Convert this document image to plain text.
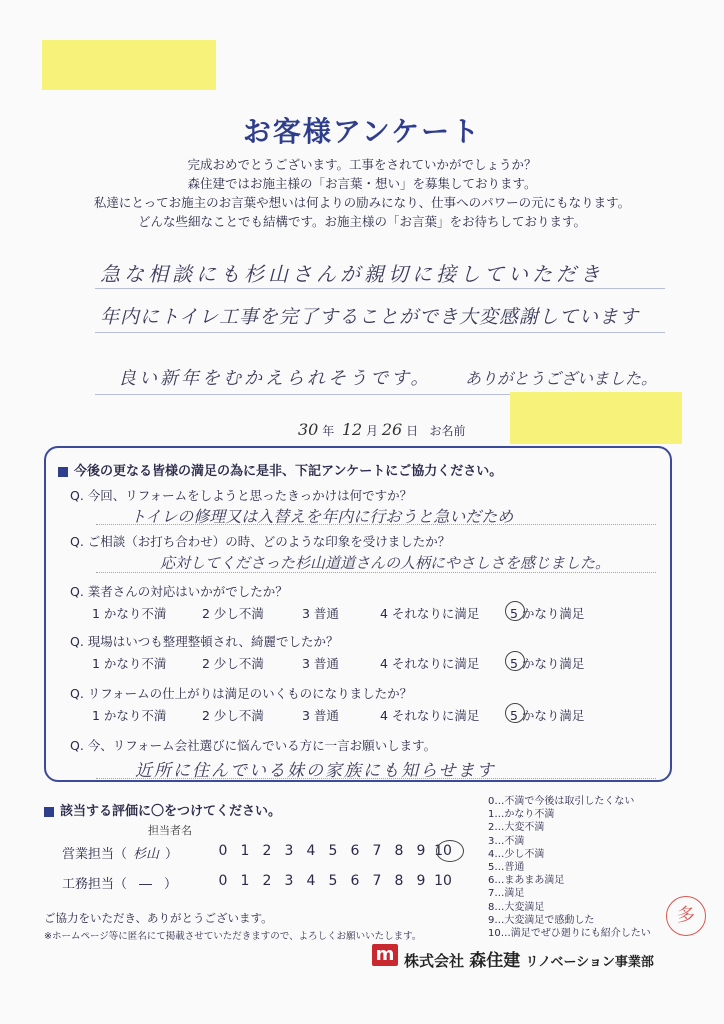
お客様アンケート
完成おめでとうございます。工事をされていかがでしょうか？
森住建ではお施主様の「お言葉・想い」を募集しております。
私達にとってお施主のお言葉や想いは何よりの励みになり、仕事へのパワーの元にもなります。
どんな些細なことでも結構です。お施主様の「お言葉」をお待ちしております。
急な相談にも杉山さんが親切に接していただき
年内にトイレ工事を完了することができ大変感謝しています
良い新年をむかえられそうです。 ありがとうございました。
30 年 12 月 26 日 お名前
今後の更なる皆様の満足の為に是非、下記アンケートにご協力ください。
Q. 今回、リフォームをしようと思ったきっかけは何ですか？
トイレの修理又は入替えを年内に行おうと急いだため
Q. ご相談（お打ち合わせ）の時、どのような印象を受けましたか？
応対してくださった杉山道道さんの人柄にやさしさを感じました。
Q. 業者さんの対応はいかがでしたか？
1 かなり不満	2 少し不満	3 普通	4 それなりに満足 5 かなり満足
Q. 現場はいつも整理整頓され、綺麗でしたか？
1 かなり不満	2 少し不満	3 普通	4 それなりに満足 5 かなり満足
Q. リフォームの仕上がりは満足のいくものになりましたか？
1 かなり不満	2 少し不満	3 普通	4 それなりに満足 5 かなり満足
Q. 今、リフォーム会社選びに悩んでいる方に一言お願いします。
近所に住んでいる妹の家族にも知らせます
該当する評価に〇をつけてください。
担当者名
営業担当（ 杉山 ）	0 1 2 3 4 5 6 7 8 9 10
工務担当（ ― ）	0 1 2 3 4 5 6 7 8 9 10
0…不満で今後は取引したくない
1…かなり不満
2…大変不満
3…不満
4…少し不満
5…普通
6…まあまあ満足
7…満足
8…大変満足
9…大変満足で感動した
10…満足でぜひ廻りにも紹介したい
ご協力をいただき、ありがとうございます。
※ホームページ等に匿名にて掲載させていただきますので、よろしくお願いいたします。
m 株式会社 森住建 リノベーション事業部
多
